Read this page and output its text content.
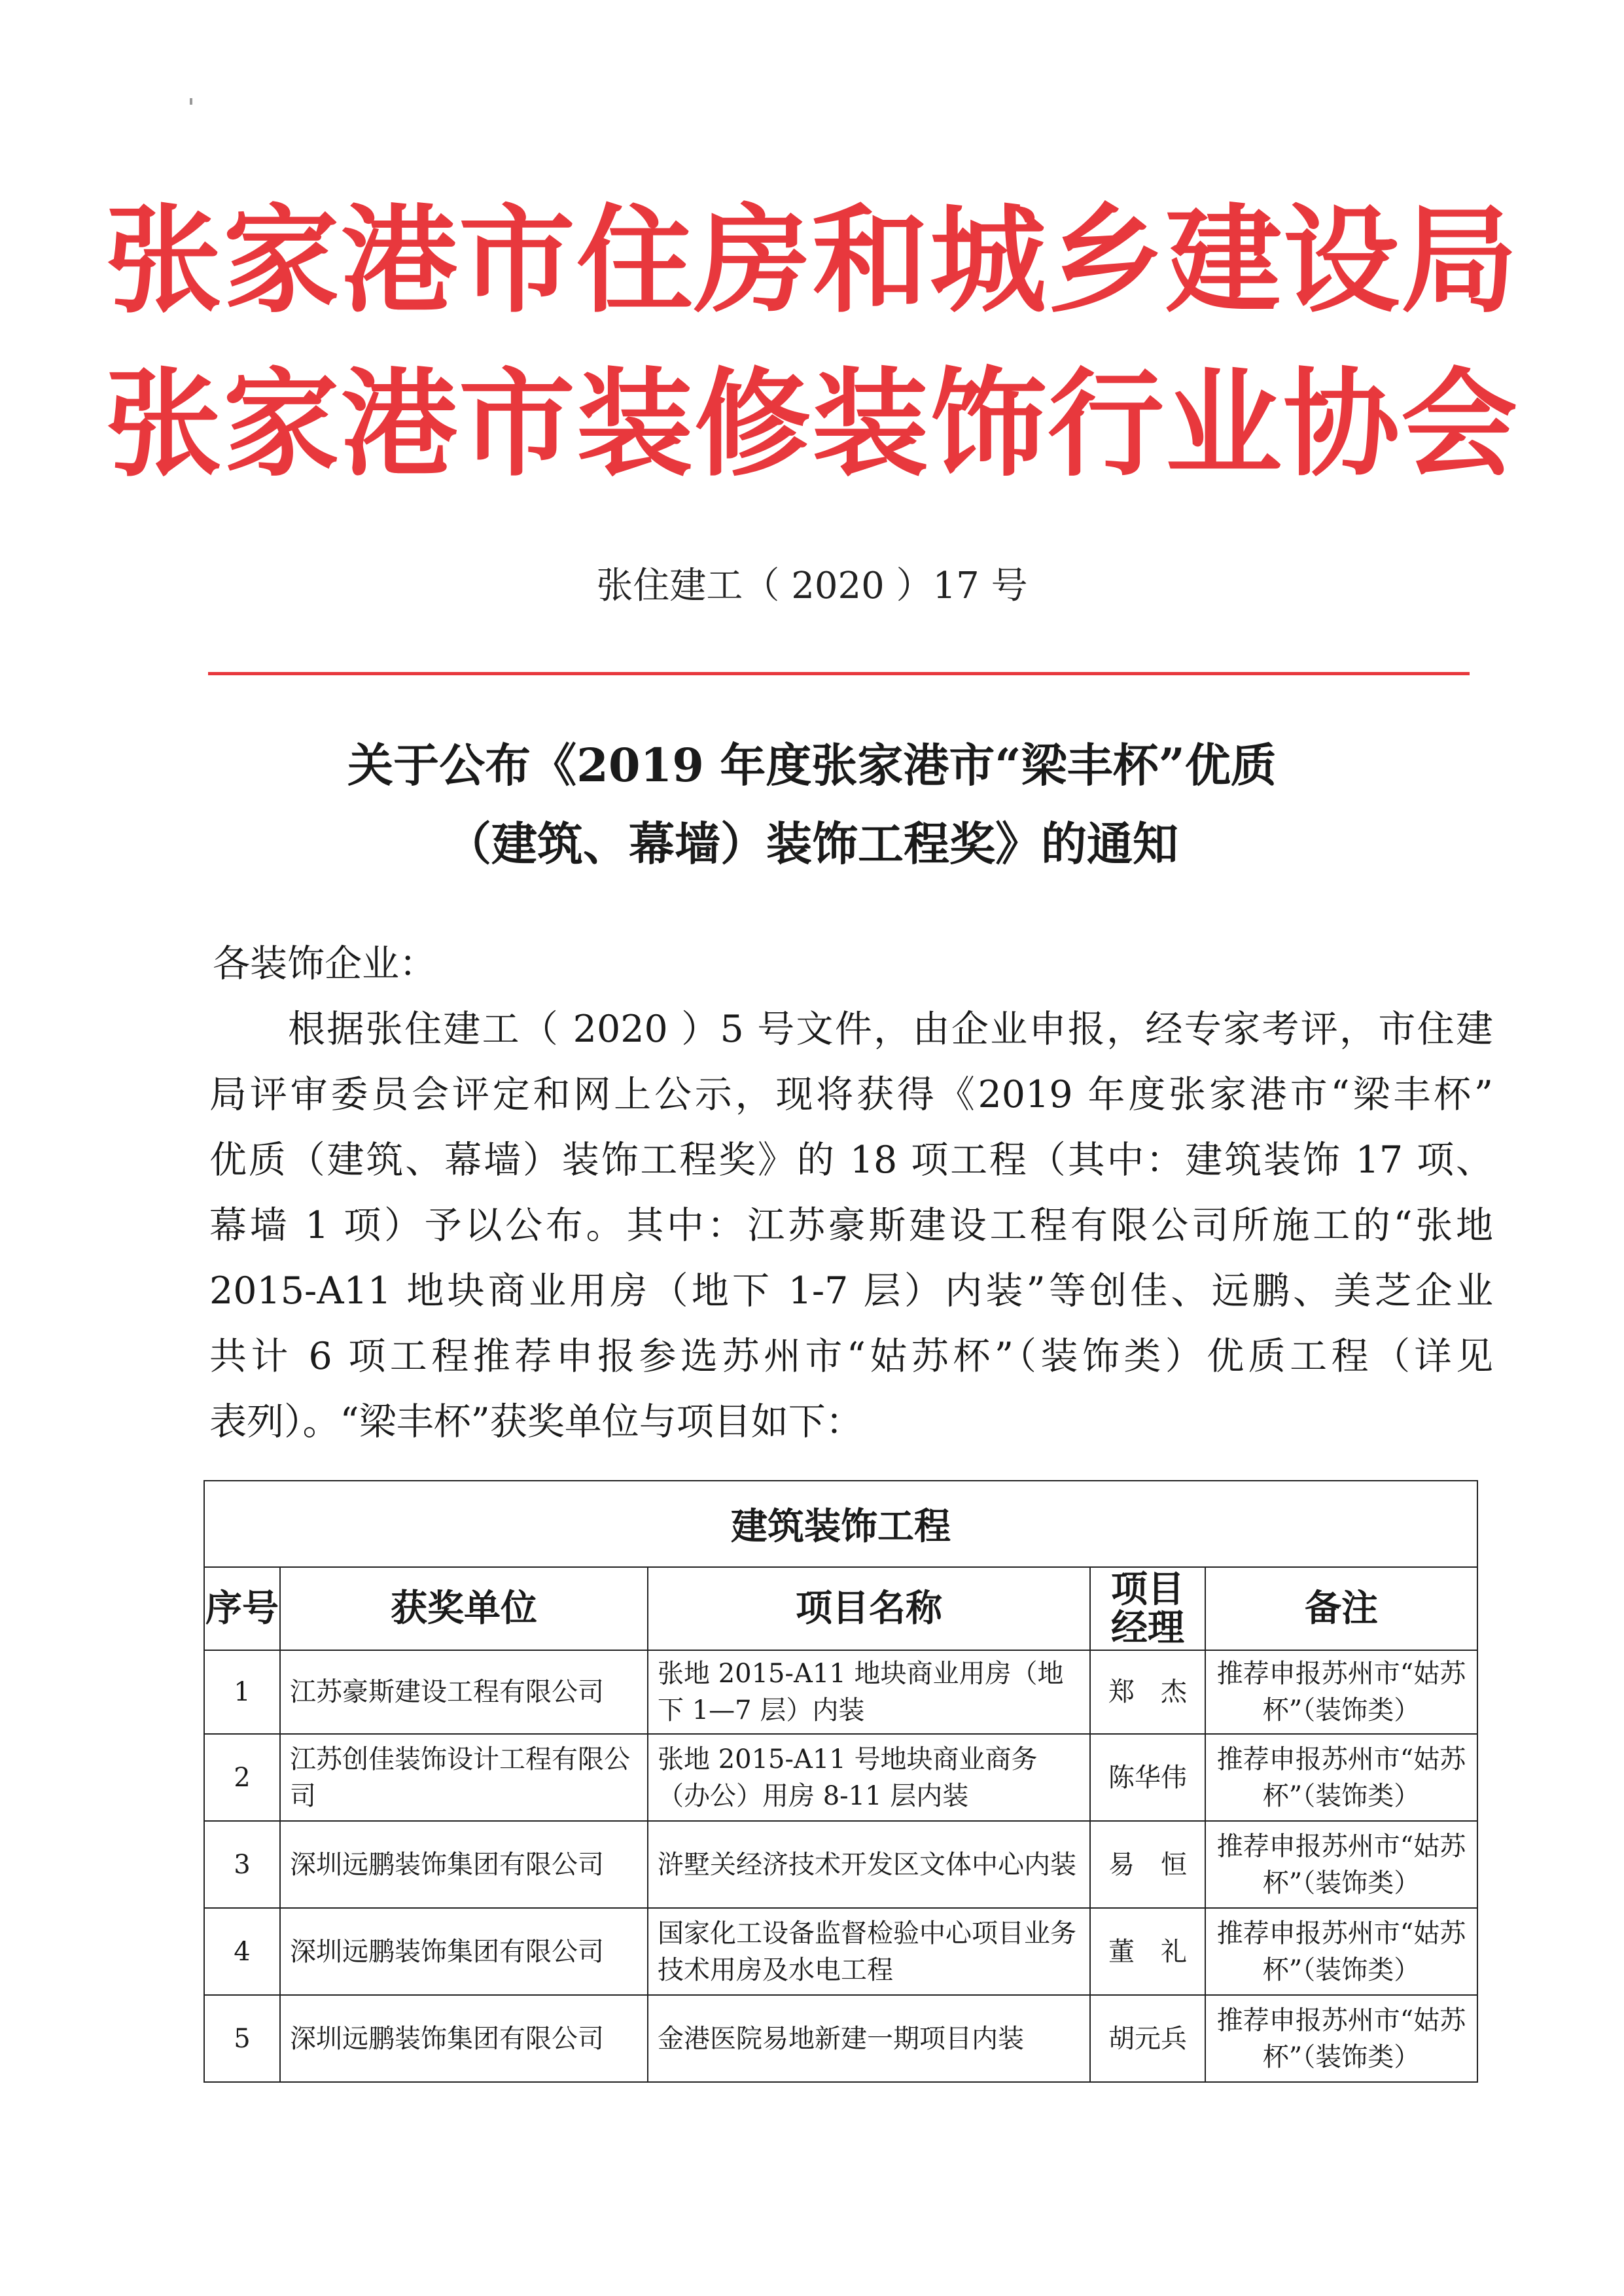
张家港市住房和城乡建设局
张家港市装修装饰行业协会
张住建工（ 2020 ）17 号
关于公布《2019 年度张家港市“梁丰杯”优质
（建筑、幕墙）装饰工程奖》的通知
各装饰企业：
根据张住建工（ 2020 ）5 号文件，由企业申报，经专家考评，市住建
局评审委员会评定和网上公示，现将获得《2019 年度张家港市“梁丰杯”
优质（建筑、幕墙）装饰工程奖》的 18 项工程（其中：建筑装饰 17 项、
幕墙 1 项）予以公布。其中：江苏豪斯建设工程有限公司所施工的“张地
2015-A11 地块商业用房（地下 1-7 层）内装”等创佳、远鹏、美芝企业
共计 6 项工程推荐申报参选苏州市“姑苏杯”（装饰类）优质工程（详见
表列）。“梁丰杯”获奖单位与项目如下：
建筑装饰工程				
序号	获奖单位	项目名称	项目经理	备注
1	江苏豪斯建设工程有限公司	张地 2015-A11 地块商业用房（地下 1—7 层）内装	郑　杰	推荐申报苏州市“姑苏杯”（装饰类）
2	江苏创佳装饰设计工程有限公司	张地 2015-A11 号地块商业商务（办公）用房 8-11 层内装	陈华伟	推荐申报苏州市“姑苏杯”（装饰类）
3	深圳远鹏装饰集团有限公司	浒墅关经济技术开发区文体中心内装	易　恒	推荐申报苏州市“姑苏杯”（装饰类）
4	深圳远鹏装饰集团有限公司	国家化工设备监督检验中心项目业务技术用房及水电工程	董　礼	推荐申报苏州市“姑苏杯”（装饰类）
5	深圳远鹏装饰集团有限公司	金港医院易地新建一期项目内装	胡元兵	推荐申报苏州市“姑苏杯”（装饰类）
